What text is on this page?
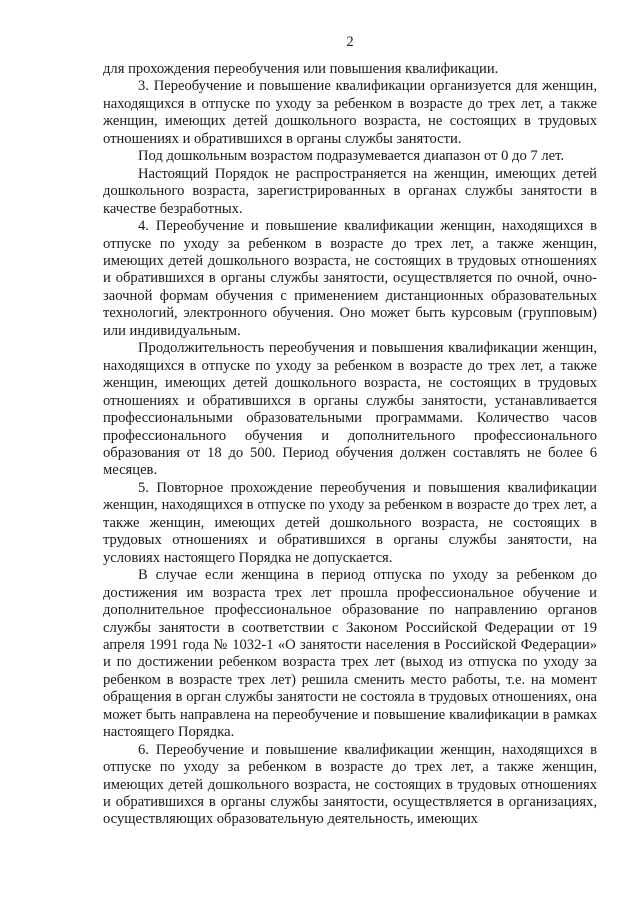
2

для прохождения переобучения или повышения квалификации.

3. Переобучение и повышение квалификации организуется для женщин, находящихся в отпуске по уходу за ребенком в возрасте до трех лет, а также женщин, имеющих детей дошкольного возраста, не состоящих в трудовых отношениях и обратившихся в органы службы занятости.

Под дошкольным возрастом подразумевается диапазон от 0 до 7 лет.

Настоящий Порядок не распространяется на женщин, имеющих детей дошкольного возраста, зарегистрированных в органах службы занятости в качестве безработных.

4. Переобучение и повышение квалификации женщин, находящихся в отпуске по уходу за ребенком в возрасте до трех лет, а также женщин, имеющих детей дошкольного возраста, не состоящих в трудовых отношениях и обратившихся в органы службы занятости, осуществляется по очной, очно-заочной формам обучения с применением дистанционных образовательных технологий, электронного обучения. Оно может быть курсовым (групповым) или индивидуальным.

Продолжительность переобучения и повышения квалификации женщин, находящихся в отпуске по уходу за ребенком в возрасте до трех лет, а также женщин, имеющих детей дошкольного возраста, не состоящих в трудовых отношениях и обратившихся в органы службы занятости, устанавливается профессиональными образовательными программами. Количество часов профессионального обучения и дополнительного профессионального образования от 18 до 500. Период обучения должен составлять не более 6 месяцев.

5. Повторное прохождение переобучения и повышения квалификации женщин, находящихся в отпуске по уходу за ребенком в возрасте до трех лет, а также женщин, имеющих детей дошкольного возраста, не состоящих в трудовых отношениях и обратившихся в органы службы занятости, на условиях настоящего Порядка не допускается.

В случае если женщина в период отпуска по уходу за ребенком до достижения им возраста трех лет прошла профессиональное обучение и дополнительное профессиональное образование по направлению органов службы занятости в соответствии с Законом Российской Федерации от 19 апреля 1991 года № 1032-1 «О занятости населения в Российской Федерации» и по достижении ребенком возраста трех лет (выход из отпуска по уходу за ребенком в возрасте трех лет) решила сменить место работы, т.е. на момент обращения в орган службы занятости не состояла в трудовых отношениях, она может быть направлена на переобучение и повышение квалификации в рамках настоящего Порядка.

6. Переобучение и повышение квалификации женщин, находящихся в отпуске по уходу за ребенком в возрасте до трех лет, а также женщин, имеющих детей дошкольного возраста, не состоящих в трудовых отношениях и обратившихся в органы службы занятости, осуществляется в организациях, осуществляющих образовательную деятельность, имеющих
